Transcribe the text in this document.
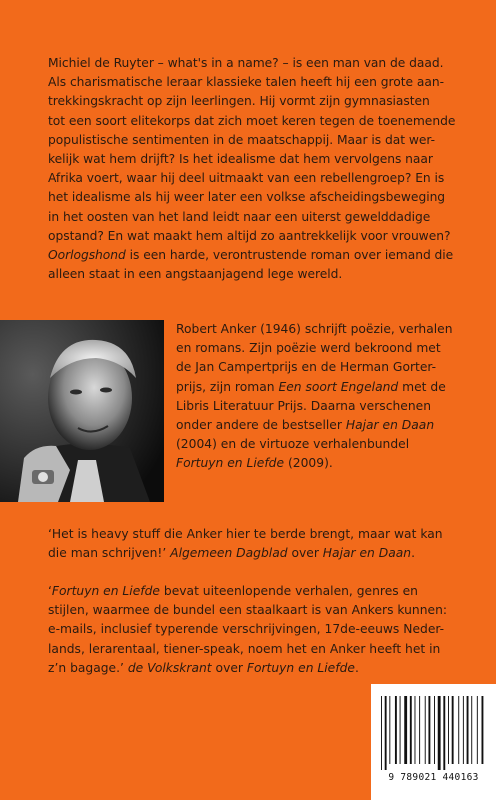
Michiel de Ruyter – what's in a name? – is een man van de daad.
Als charismatische leraar klassieke talen heeft hij een grote aan-
trekkingskracht op zijn leerlingen. Hij vormt zijn gymnasiasten
tot een soort elitekorps dat zich moet keren tegen de toenemende
populistische sentimenten in de maatschappij. Maar is dat wer-
kelijk wat hem drijft? Is het idealisme dat hem vervolgens naar
Afrika voert, waar hij deel uitmaakt van een rebellengroep? En is
het idealisme als hij weer later een volkse afscheidingsbeweging
in het oosten van het land leidt naar een uiterst gewelddadige
opstand? En wat maakt hem altijd zo aantrekkelijk voor vrouwen?
Oorlogshond is een harde, verontrustende roman over iemand die
alleen staat in een angstaanjagend lege wereld.
Robert Anker (1946) schrijft poëzie, verhalen
en romans. Zijn poëzie werd bekroond met
de Jan Campertprijs en de Herman Gorter-
prijs, zijn roman Een soort Engeland met de
Libris Literatuur Prijs. Daarna verschenen
onder andere de bestseller Hajar en Daan
(2004) en de virtuoze verhalenbundel
Fortuyn en Liefde (2009).
‘Het is heavy stuff die Anker hier te berde brengt, maar wat kan
die man schrijven!’ Algemeen Dagblad over Hajar en Daan.
‘Fortuyn en Liefde bevat uiteenlopende verhalen, genres en
stijlen, waarmee de bundel een staalkaart is van Ankers kunnen:
e-mails, inclusief typerende verschrijvingen, 17de-eeuws Neder-
lands, lerarentaal, tiener-speak, noem het en Anker heeft het in
z’n bagage.’ de Volkskrant over Fortuyn en Liefde.
9 789021 440163
